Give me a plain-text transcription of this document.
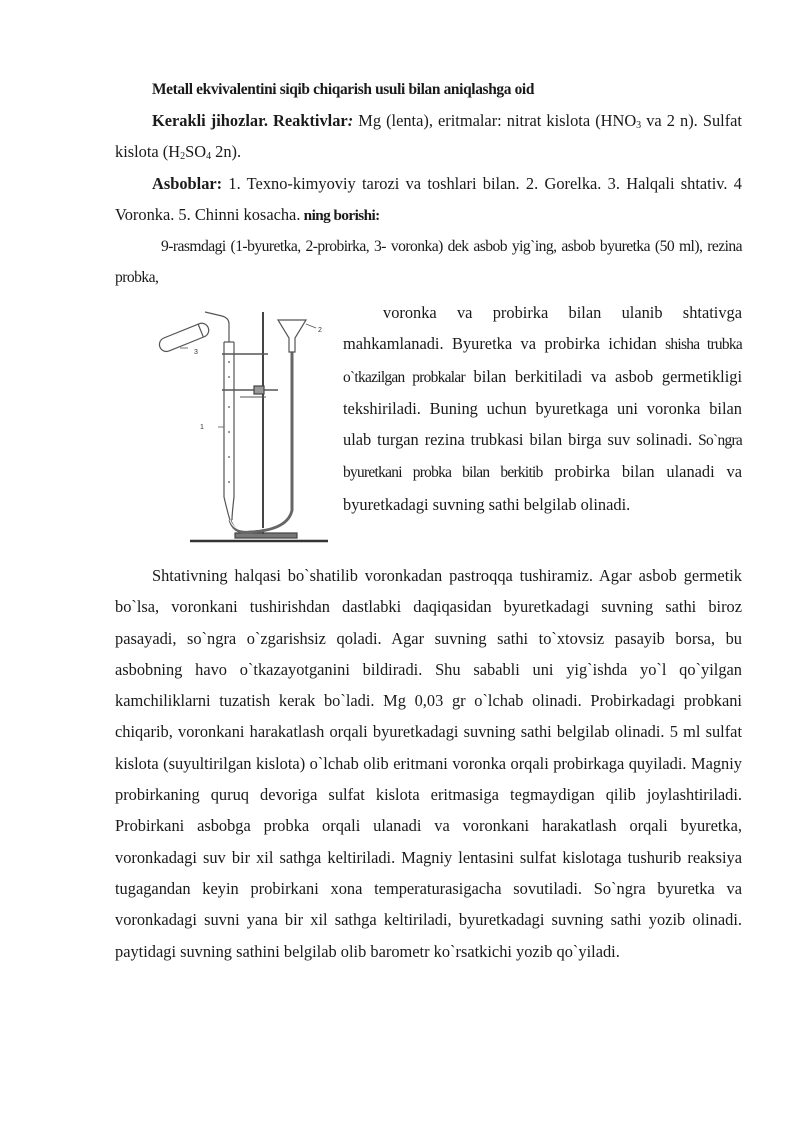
Metall ekvivalentini siqib chiqarish usuli bilan aniqlashga oid

Kerakli jihozlar. Reaktivlar: Mg (lenta), eritmalar: nitrat kislota ($HNO_3$ va 2 n). Sulfat kislota ($H_2SO_4$ 2n).

Asboblar: 1. Texno-kimyoviy tarozi va toshlari bilan. 2. Gorelka. 3. Halqali shtativ. 4 Voronka. 5. Chinni kosacha. ning borishi:

9-rasmdagi (1-byuretka, 2-probirka, 3- voronka) dek asbob yig`ing, asbob byuretka (50 ml), rezina probka,

2
1
3

voronka va probirka bilan ulanib shtativga mahkamlanadi. Byuretka va probirka ichidan shisha trubka o`tkazilgan probkalar bilan berkitiladi va asbob germetikligi tekshiriladi. Buning uchun byuretkaga uni voronka bilan ulab turgan rezina trubkasi bilan birga suv solinadi. So`ngra byuretkani probka bilan berkitib probirka bilan ulanadi va byuretkadagi suvning sathi belgilab olinadi.

Shtativning halqasi bo`shatilib voronkadan pastroqqa tushiramiz. Agar asbob germetik bo`lsa, voronkani tushirishdan dastlabki daqiqasidan byuretkadagi suvning sathi biroz pasayadi, so`ngra o`zgarishsiz qoladi. Agar suvning sathi to`xtovsiz pasayib borsa, bu asbobning havo o`tkazayotganini bildiradi. Shu sababli uni yig`ishda yo`l qo`yilgan kamchiliklarni tuzatish kerak bo`ladi. Mg 0,03 gr o`lchab olinadi. Probirkadagi probkani chiqarib, voronkani harakatlash orqali byuretkadagi suvning sathi belgilab olinadi. 5 ml sulfat kislota (suyultirilgan kislota) o`lchab olib eritmani voronka orqali probirkaga quyiladi. Magniy probirkaning quruq devoriga sulfat kislota eritmasiga tegmaydigan qilib joylashtiriladi. Probirkani asbobga probka orqali ulanadi va voronkani harakatlash orqali byuretka, voronkadagi suv bir xil sathga keltiriladi. Magniy lentasini sulfat kislotaga tushurib reaksiya tugagandan keyin probirkani xona temperaturasigacha sovutiladi. So`ngra byuretka va voronkadagi suvni yana bir xil sathga keltiriladi, byuretkadagi suvning sathi yozib olinadi. paytidagi suvning sathini belgilab olib barometr ko`rsatkichi yozib qo`yiladi.
